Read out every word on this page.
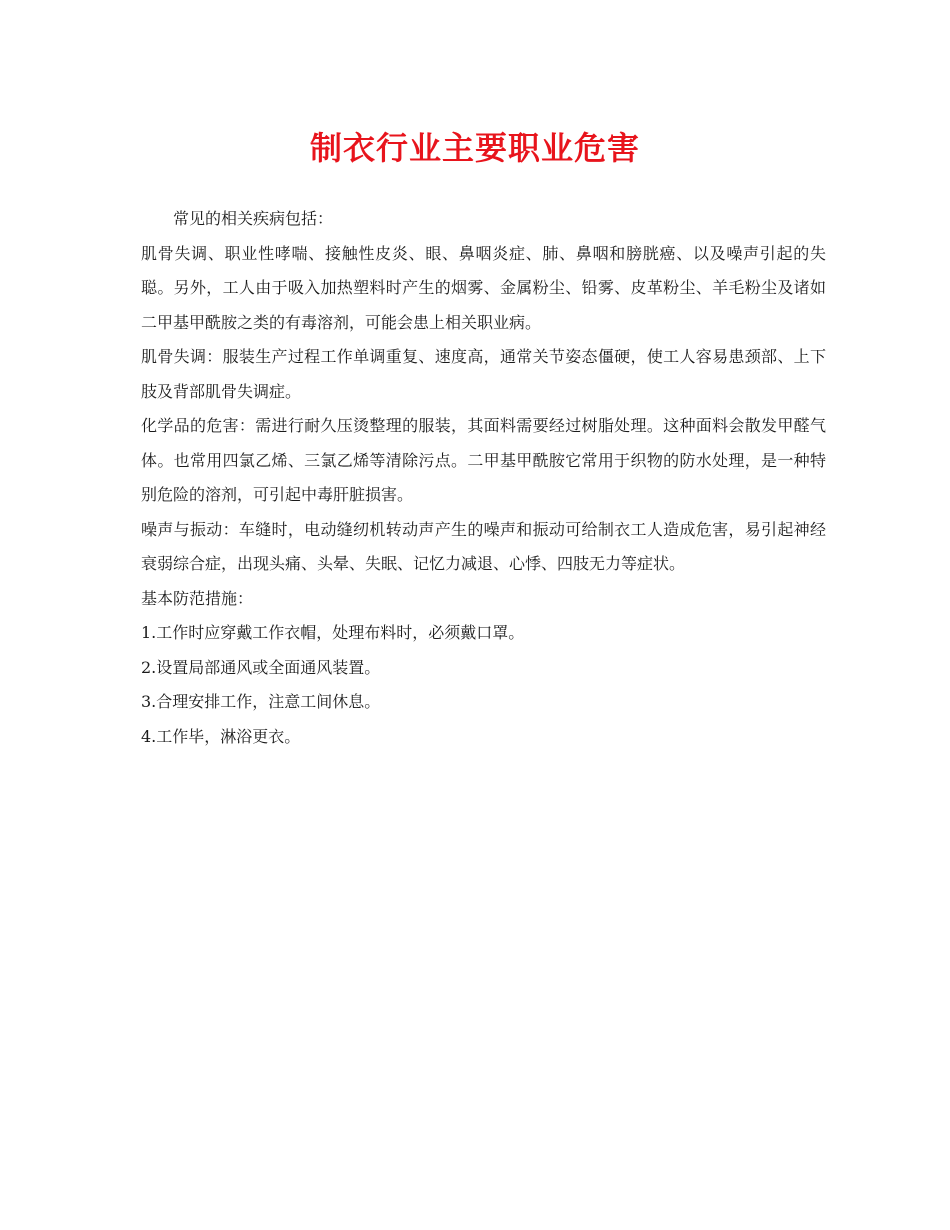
制衣行业主要职业危害

常见的相关疾病包括：

肌骨失调、职业性哮喘、接触性皮炎、眼、鼻咽炎症、肺、鼻咽和膀胱癌、以及噪声引起的失聪。另外，工人由于吸入加热塑料时产生的烟雾、金属粉尘、铅雾、皮革粉尘、羊毛粉尘及诸如二甲基甲酰胺之类的有毒溶剂，可能会患上相关职业病。

肌骨失调：服装生产过程工作单调重复、速度高，通常关节姿态僵硬，使工人容易患颈部、上下肢及背部肌骨失调症。

化学品的危害：需进行耐久压烫整理的服装，其面料需要经过树脂处理。这种面料会散发甲醛气体。也常用四氯乙烯、三氯乙烯等清除污点。二甲基甲酰胺它常用于织物的防水处理，是一种特别危险的溶剂，可引起中毒肝脏损害。

噪声与振动：车缝时，电动缝纫机转动声产生的噪声和振动可给制衣工人造成危害，易引起神经衰弱综合症，出现头痛、头晕、失眠、记忆力减退、心悸、四肢无力等症状。

基本防范措施：

1.工作时应穿戴工作衣帽，处理布料时，必须戴口罩。

2.设置局部通风或全面通风装置。

3.合理安排工作，注意工间休息。

4.工作毕，淋浴更衣。
